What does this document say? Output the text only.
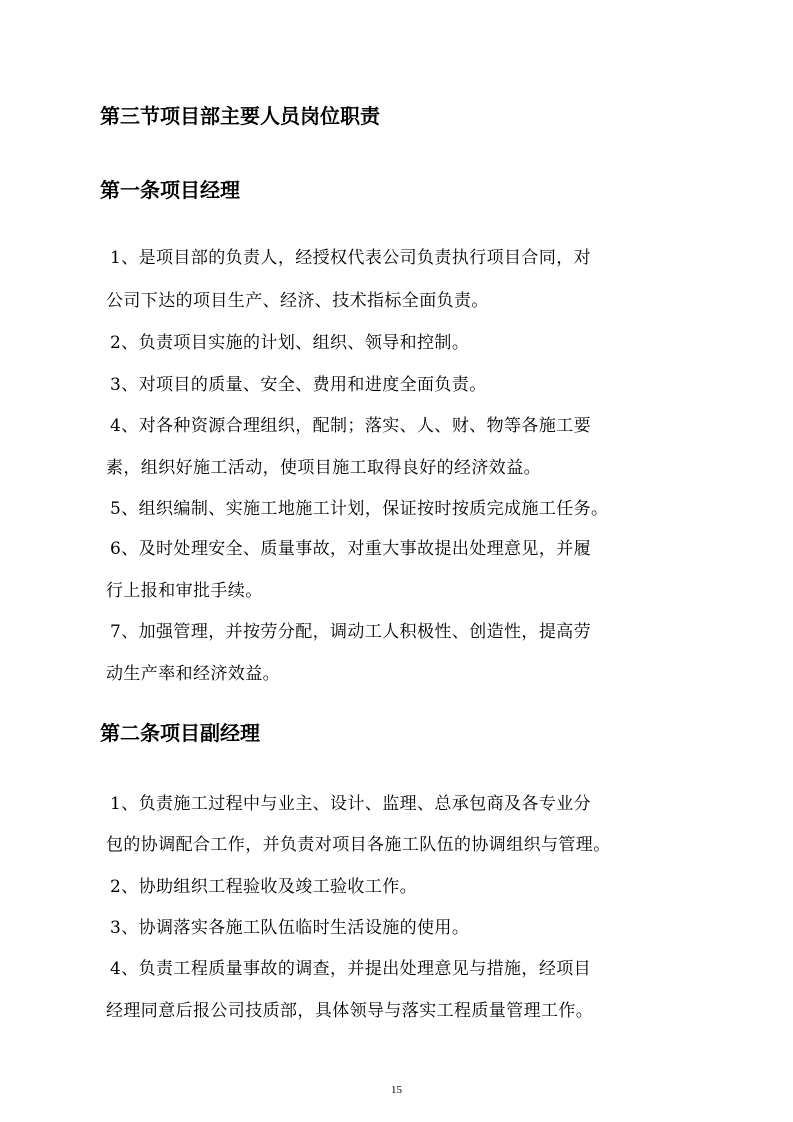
第三节项目部主要人员岗位职责
第一条项目经理
1、是项目部的负责人，经授权代表公司负责执行项目合同，对
公司下达的项目生产、经济、技术指标全面负责。
2、负责项目实施的计划、组织、领导和控制。
3、对项目的质量、安全、费用和进度全面负责。
4、对各种资源合理组织，配制；落实、人、财、物等各施工要
素，组织好施工活动，使项目施工取得良好的经济效益。
5、组织编制、实施工地施工计划，保证按时按质完成施工任务。
6、及时处理安全、质量事故，对重大事故提出处理意见，并履
行上报和审批手续。
7、加强管理，并按劳分配，调动工人积极性、创造性，提高劳
动生产率和经济效益。
第二条项目副经理
1、负责施工过程中与业主、设计、监理、总承包商及各专业分
包的协调配合工作，并负责对项目各施工队伍的协调组织与管理。
2、协助组织工程验收及竣工验收工作。
3、协调落实各施工队伍临时生活设施的使用。
4、负责工程质量事故的调查，并提出处理意见与措施，经项目
经理同意后报公司技质部，具体领导与落实工程质量管理工作。
15
